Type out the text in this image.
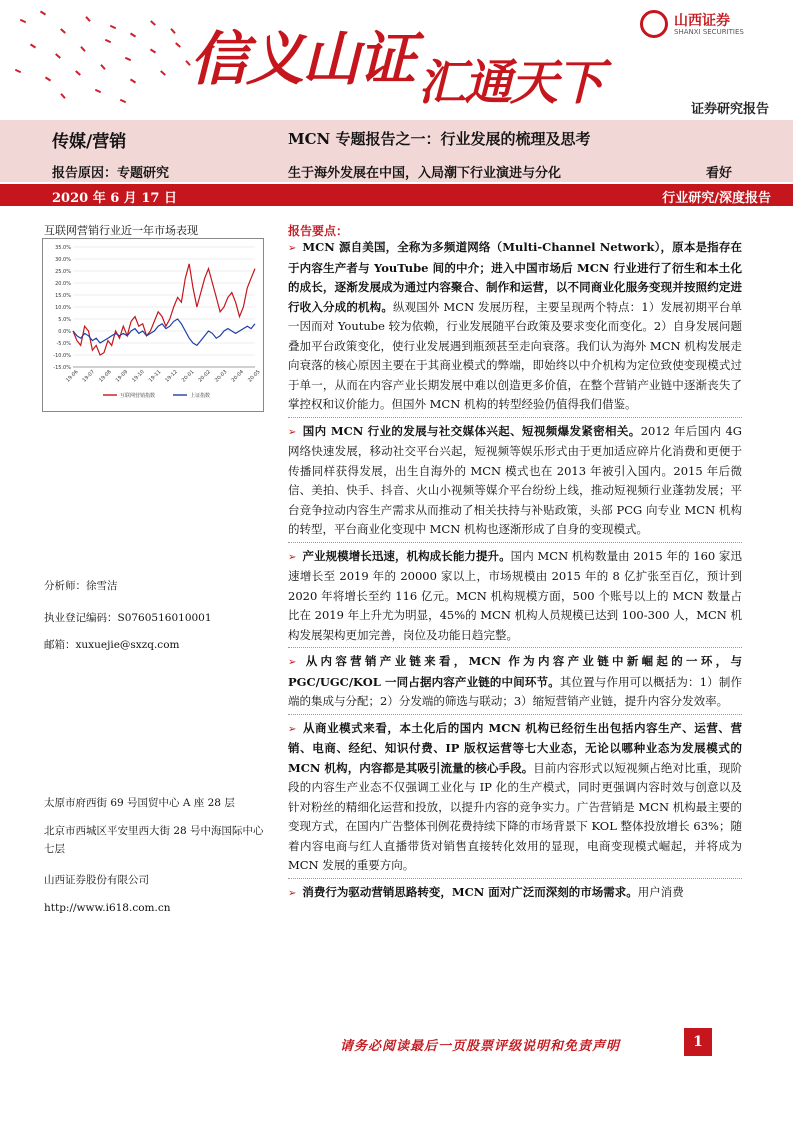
信义山证 汇通天下
山西证券
SHANXI SECURITIES
证券研究报告
传媒/营销	MCN 专题报告之一：行业发展的梳理及思考
报告原因：专题研究	生于海外发展在中国，入局潮下行业演进与分化	看好
2020 年 6 月 17 日	行业研究/深度报告
互联网营销行业近一年市场表现
35.0%
30.0%
25.0%
20.0%
15.0%
10.0%
5.0%
0.0%
-5.0%
-10.0%
-15.0%
19-06 19-07 19-08 19-09 19-10 19-11 19-12 20-01 20-02 20-03 20-04 20-05
互联网营销指数	上证指数
分析师：徐雪洁
执业登记编码：S0760516010001
邮箱：xuxuejie@sxzq.com
太原市府西街 69 号国贸中心 A 座 28 层
北京市西城区平安里西大街 28 号中海国际中心七层
山西证券股份有限公司
http://www.i618.com.cn
报告要点：
➢ MCN 源自美国，全称为多频道网络（Multi-Channel Network），原本是指存在于内容生产者与 YouTube 间的中介；进入中国市场后 MCN 行业进行了衍生和本土化的成长，逐渐发展成为通过内容聚合、制作和运营，以不同商业化服务变现并按照约定进行收入分成的机构。纵观国外 MCN 发展历程，主要呈现两个特点：1）发展初期平台单一因而对 Youtube 较为依赖，行业发展随平台政策及要求变化而变化。2）自身发展问题叠加平台政策变化，使行业发展遇到瓶颈甚至走向衰落。我们认为海外 MCN 机构发展走向衰落的核心原因主要在于其商业模式的弊端，即始终以中介机构为定位致使变现模式过于单一，从而在内容产业长期发展中难以创造更多价值，在整个营销产业链中逐渐丧失了掌控权和议价能力。但国外 MCN 机构的转型经验仍值得我们借鉴。
➢ 国内 MCN 行业的发展与社交媒体兴起、短视频爆发紧密相关。2012 年后国内 4G 网络快速发展，移动社交平台兴起，短视频等娱乐形式由于更加适应碎片化消费和更便于传播同样获得发展，出生自海外的 MCN 模式也在 2013 年被引入国内。2015 年后微信、美拍、快手、抖音、火山小视频等媒介平台纷纷上线，推动短视频行业蓬勃发展；平台竞争拉动内容生产需求从而推动了相关扶持与补贴政策，头部 PCG 向专业 MCN 机构的转型，平台商业化变现中 MCN 机构也逐渐形成了自身的变现模式。
➢ 产业规模增长迅速，机构成长能力提升。国内 MCN 机构数量由 2015 年的 160 家迅速增长至 2019 年的 20000 家以上，市场规模由 2015 年的 8 亿扩张至百亿，预计到 2020 年将增长至约 116 亿元。MCN 机构规模方面，500 个账号以上的 MCN 数量占比在 2019 年上升尤为明显，45%的 MCN 机构人员规模已达到 100-300 人，MCN 机构发展架构更加完善，岗位及功能日趋完整。
➢ 从内容营销产业链来看，MCN 作为内容产业链中新崛起的一环，与 PGC/UGC/KOL 一同占据内容产业链的中间环节。其位置与作用可以概括为：1）制作端的集成与分配；2）分发端的筛选与联动；3）缩短营销产业链，提升内容分发效率。
➢ 从商业模式来看，本土化后的国内 MCN 机构已经衍生出包括内容生产、运营、营销、电商、经纪、知识付费、IP 版权运营等七大业态，无论以哪种业态为发展模式的 MCN 机构，内容都是其吸引流量的核心手段。目前内容形式以短视频占绝对比重，现阶段的内容生产业态不仅强调工业化与 IP 化的生产模式，同时更强调内容时效与创意以及针对粉丝的精细化运营和投放，以提升内容的竞争实力。广告营销是 MCN 机构最主要的变现方式，在国内广告整体刊例花费持续下降的市场背景下 KOL 整体投放增长 63%；随着内容电商与红人直播带货对销售直接转化效用的显现，电商变现模式崛起，并将成为 MCN 发展的重要方向。
➢ 消费行为驱动营销思路转变，MCN 面对广泛而深刻的市场需求。用户消费
请务必阅读最后一页股票评级说明和免责声明	1
